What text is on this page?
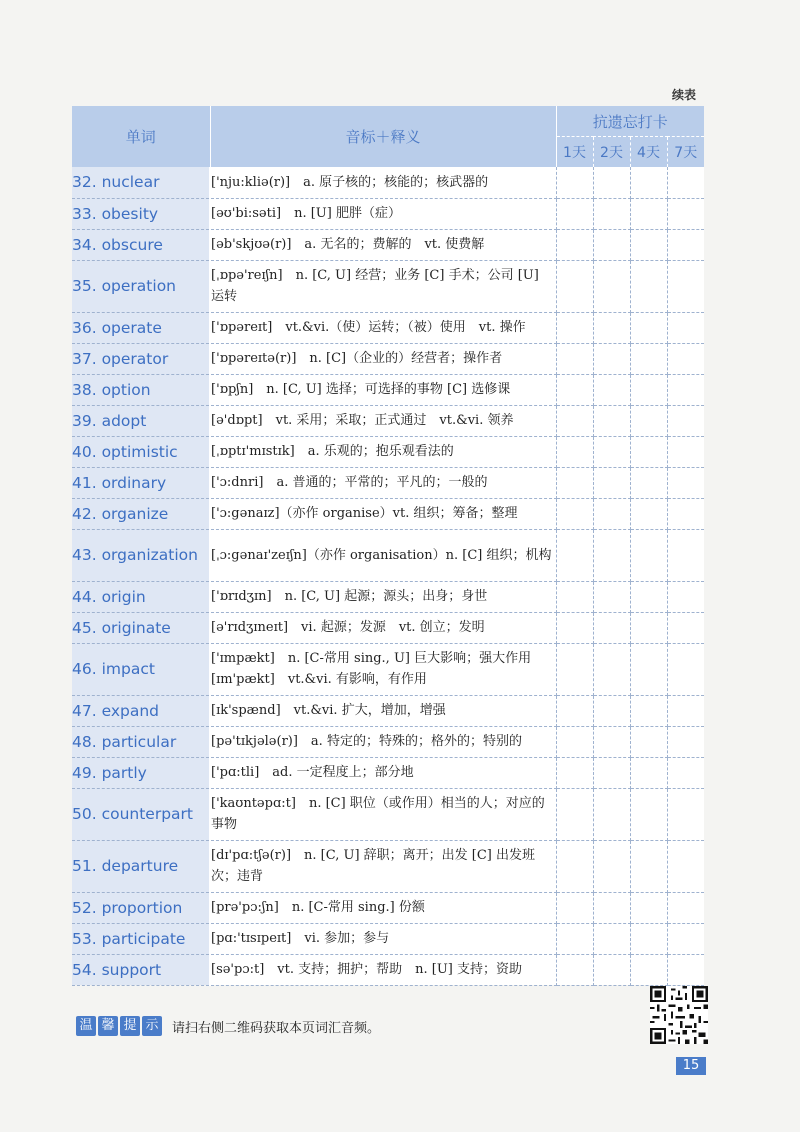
续表
单词	音标＋释义	抗遗忘打卡			
		1天	2天	4天	7天
32. nuclear	['nju:kliə(r)]　a. 原子核的；核能的；核武器的				
33. obesity	[əʊ'bi:səti]　n. [U] 肥胖（症）				
34. obscure	[əb'skjʊə(r)]　a. 无名的；费解的　vt. 使费解				
35. operation	[ˌɒpə'reɪʃn]　n. [C, U] 经营；业务 [C] 手术；公司 [U] 运转				
36. operate	['ɒpəreɪt]　vt.&vi.（使）运转；（被）使用　vt. 操作				
37. operator	['ɒpəreɪtə(r)]　n. [C]（企业的）经营者；操作者				
38. option	['ɒpʃn]　n. [C, U] 选择；可选择的事物 [C] 选修课				
39. adopt	[ə'dɒpt]　vt. 采用；采取；正式通过　vt.&vi. 领养				
40. optimistic	[ˌɒptɪ'mɪstɪk]　a. 乐观的；抱乐观看法的				
41. ordinary	['ɔ:dnri]　a. 普通的；平常的；平凡的；一般的				
42. organize	['ɔ:gənaɪz]（亦作 organise）vt. 组织；筹备；整理				
43. organization	[ˌɔ:gənaɪ'zeɪʃn]（亦作 organisation）n. [C] 组织；机构				
44. origin	['ɒrɪdʒɪn]　n. [C, U] 起源；源头；出身；身世				
45. originate	[ə'rɪdʒɪneɪt]　vi. 起源；发源　vt. 创立；发明				
46. impact	['ɪmpækt]　n. [C-常用 sing., U] 巨大影响；强大作用 [ɪm'pækt]　vt.&vi. 有影响，有作用				
47. expand	[ɪk'spænd]　vt.&vi. 扩大，增加，增强				
48. particular	[pə'tɪkjələ(r)]　a. 特定的；特殊的；格外的；特别的				
49. partly	['pɑ:tli]　ad. 一定程度上；部分地				
50. counterpart	['kaʊntəpɑ:t]　n. [C] 职位（或作用）相当的人；对应的事物				
51. departure	[dɪ'pɑ:tʃə(r)]　n. [C, U] 辞职；离开；出发 [C] 出发班次；违背				
52. proportion	[prə'pɔ:ʃn]　n. [C-常用 sing.] 份额				
53. participate	[pɑ:'tɪsɪpeɪt]　vi. 参加；参与				
54. support	[sə'pɔ:t]　vt. 支持；拥护；帮助　n. [U] 支持；资助				
温 馨 提 示 请扫右侧二维码获取本页词汇音频。
15
